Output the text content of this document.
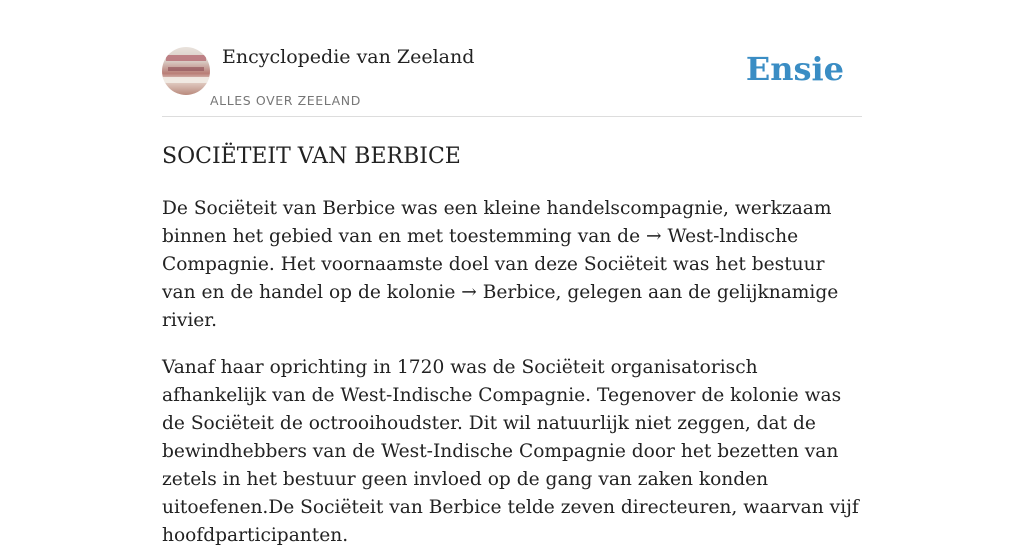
Encyclopedie van Zeeland
ALLES OVER ZEELAND
Ensie
SOCIËTEIT VAN BERBICE

De Sociëteit van Berbice was een kleine handelscompagnie, werkzaam binnen het gebied van en met toestemming van de → West-lndische Compagnie. Het voornaamste doel van deze Sociëteit was het bestuur van en de handel op de kolonie → Berbice, gelegen aan de gelijknamige rivier.

Vanaf haar oprichting in 1720 was de Sociëteit organisatorisch afhankelijk van de West-Indische Compagnie. Tegenover de kolonie was de Sociëteit de octrooihoudster. Dit wil natuurlijk niet zeggen, dat de bewindhebbers van de West-Indische Compagnie door het bezetten van zetels in het bestuur geen invloed op de gang van zaken konden uitoefenen.De Sociëteit van Berbice telde zeven directeuren, waarvan vijf hoofdparticipanten.
